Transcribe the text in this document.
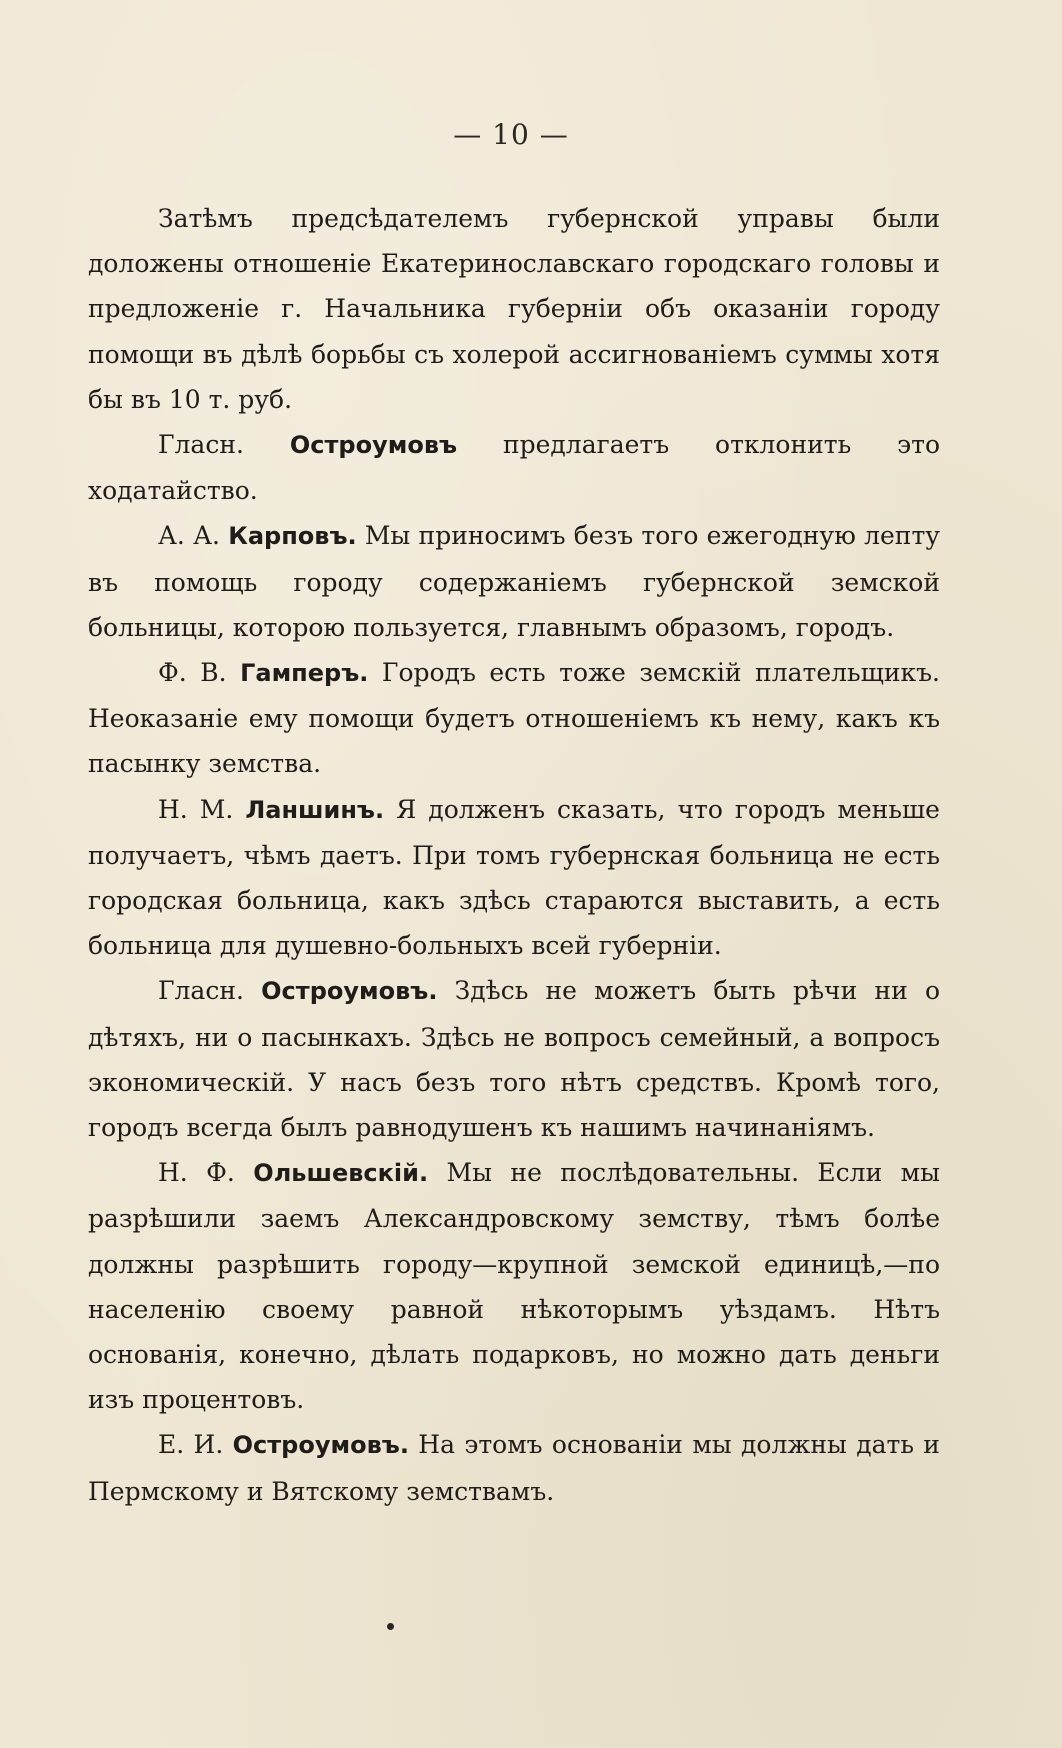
— 10 —

Затѣмъ предсѣдателемъ губернской управы были доложены отношеніе Екатеринославскаго городскаго головы и предложеніе г. Начальника губерніи объ оказаніи городу помощи въ дѣлѣ борьбы съ холерой ассигнованіемъ суммы хотя бы въ 10 т. руб.

Гласн. Остроумовъ предлагаетъ отклонить это ходатайство.

А. А. Карповъ. Мы приносимъ безъ того ежегодную лепту въ помощь городу содержаніемъ губернской земской больницы, которою пользуется, главнымъ образомъ, городъ.

Ф. В. Гамперъ. Городъ есть тоже земскій плательщикъ. Неоказаніе ему помощи будетъ отношеніемъ къ нему, какъ къ пасынку земства.

Н. М. Ланшинъ. Я долженъ сказать, что городъ меньше получаетъ, чѣмъ даетъ. При томъ губернская больница не есть городская больница, какъ здѣсь стараются выставить, а есть больница для душевно-больныхъ всей губерніи.

Гласн. Остроумовъ. Здѣсь не можетъ быть рѣчи ни о дѣтяхъ, ни о пасынкахъ. Здѣсь не вопросъ семейный, а вопросъ экономическій. У насъ безъ того нѣтъ средствъ. Кромѣ того, городъ всегда былъ равнодушенъ къ нашимъ начинаніямъ.

Н. Ф. Ольшевскій. Мы не послѣдовательны. Если мы разрѣшили заемъ Александровскому земству, тѣмъ болѣе должны разрѣшить городу—крупной земской единицѣ,—по населенію своему равной нѣкоторымъ уѣздамъ. Нѣтъ основанія, конечно, дѣлать подарковъ, но можно дать деньги изъ процентовъ.

Е. И. Остроумовъ. На этомъ основаніи мы должны дать и Пермскому и Вятскому земствамъ.
